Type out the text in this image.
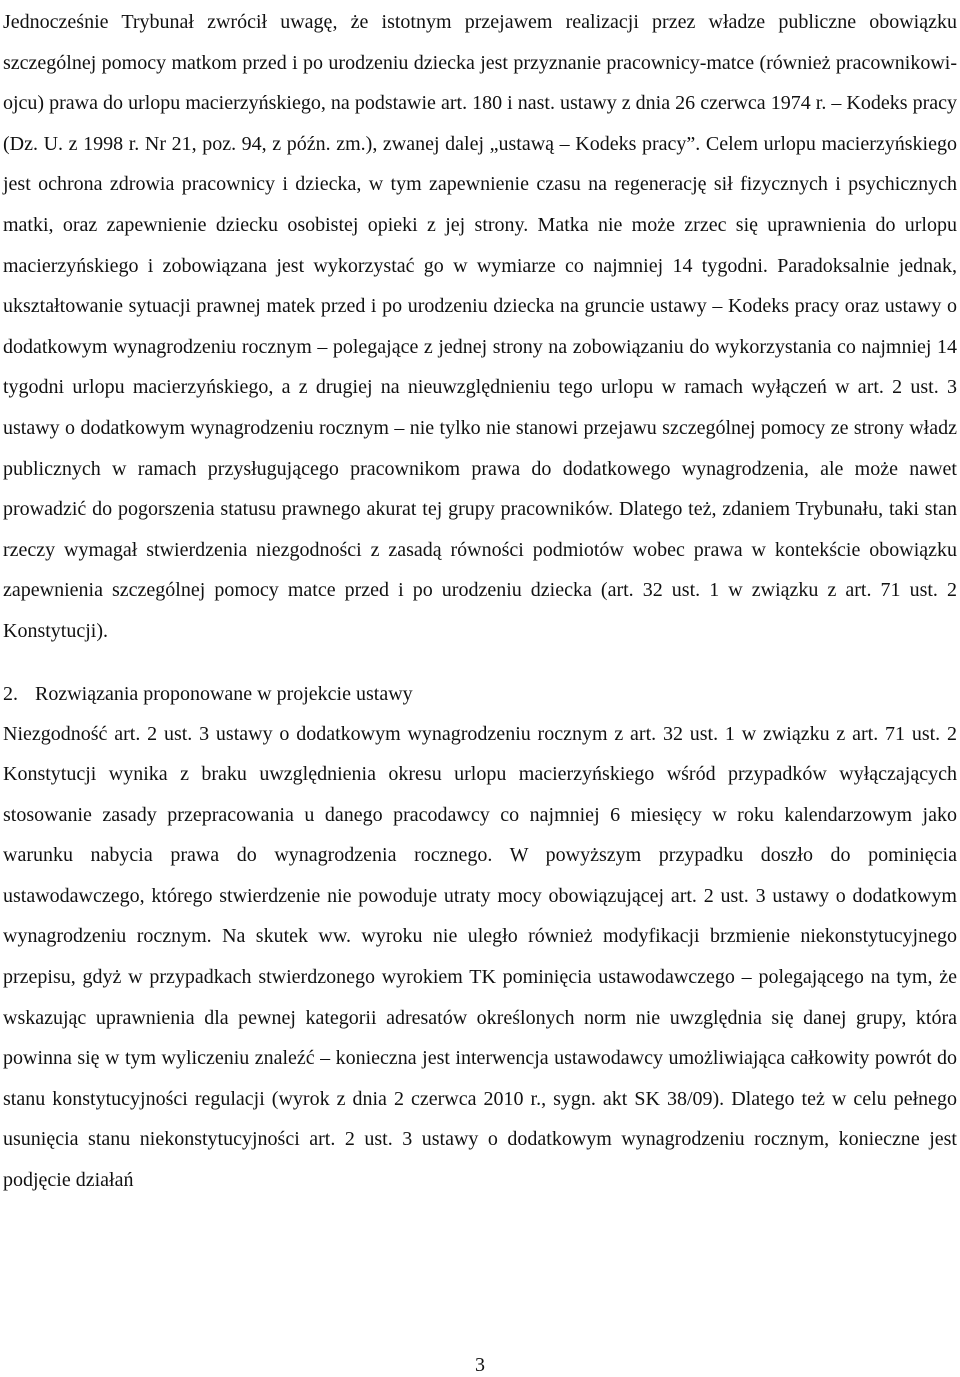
Jednocześnie Trybunał zwrócił uwagę, że istotnym przejawem realizacji przez władze publiczne obowiązku szczególnej pomocy matkom przed i po urodzeniu dziecka jest przyznanie pracownicy-matce (również pracownikowi-ojcu) prawa do urlopu macierzyńskiego, na podstawie art. 180 i nast. ustawy z dnia 26 czerwca 1974 r. – Kodeks pracy (Dz. U. z 1998 r. Nr 21, poz. 94, z późn. zm.), zwanej dalej „ustawą – Kodeks pracy”. Celem urlopu macierzyńskiego jest ochrona zdrowia pracownicy i dziecka, w tym zapewnienie czasu na regenerację sił fizycznych i psychicznych matki, oraz zapewnienie dziecku osobistej opieki z jej strony. Matka nie może zrzec się uprawnienia do urlopu macierzyńskiego i zobowiązana jest wykorzystać go w wymiarze co najmniej 14 tygodni. Paradoksalnie jednak, ukształtowanie sytuacji prawnej matek przed i po urodzeniu dziecka na gruncie ustawy – Kodeks pracy oraz ustawy o dodatkowym wynagrodzeniu rocznym – polegające z jednej strony na zobowiązaniu do wykorzystania co najmniej 14 tygodni urlopu macierzyńskiego, a z drugiej na nieuwzględnieniu tego urlopu w ramach wyłączeń w art. 2 ust. 3 ustawy o dodatkowym wynagrodzeniu rocznym – nie tylko nie stanowi przejawu szczególnej pomocy ze strony władz publicznych w ramach przysługującego pracownikom prawa do dodatkowego wynagrodzenia, ale może nawet prowadzić do pogorszenia statusu prawnego akurat tej grupy pracowników. Dlatego też, zdaniem Trybunału, taki stan rzeczy wymagał stwierdzenia niezgodności z zasadą równości podmiotów wobec prawa w kontekście obowiązku zapewnienia szczególnej pomocy matce przed i po urodzeniu dziecka (art. 32 ust. 1 w związku z art. 71 ust. 2 Konstytucji).

2. Rozwiązania proponowane w projekcie ustawy

Niezgodność art. 2 ust. 3 ustawy o dodatkowym wynagrodzeniu rocznym z art. 32 ust. 1 w związku z art. 71 ust. 2 Konstytucji wynika z braku uwzględnienia okresu urlopu macierzyńskiego wśród przypadków wyłączających stosowanie zasady przepracowania u danego pracodawcy co najmniej 6 miesięcy w roku kalendarzowym jako warunku nabycia prawa do wynagrodzenia rocznego. W powyższym przypadku doszło do pominięcia ustawodawczego, którego stwierdzenie nie powoduje utraty mocy obowiązującej art. 2 ust. 3 ustawy o dodatkowym wynagrodzeniu rocznym. Na skutek ww. wyroku nie uległo również modyfikacji brzmienie niekonstytucyjnego przepisu, gdyż w przypadkach stwierdzonego wyrokiem TK pominięcia ustawodawczego – polegającego na tym, że wskazując uprawnienia dla pewnej kategorii adresatów określonych norm nie uwzględnia się danej grupy, która powinna się w tym wyliczeniu znaleźć – konieczna jest interwencja ustawodawcy umożliwiająca całkowity powrót do stanu konstytucyjności regulacji (wyrok z dnia 2 czerwca 2010 r., sygn. akt SK 38/09). Dlatego też w celu pełnego usunięcia stanu niekonstytucyjności art. 2 ust. 3 ustawy o dodatkowym wynagrodzeniu rocznym, konieczne jest podjęcie działań

3
